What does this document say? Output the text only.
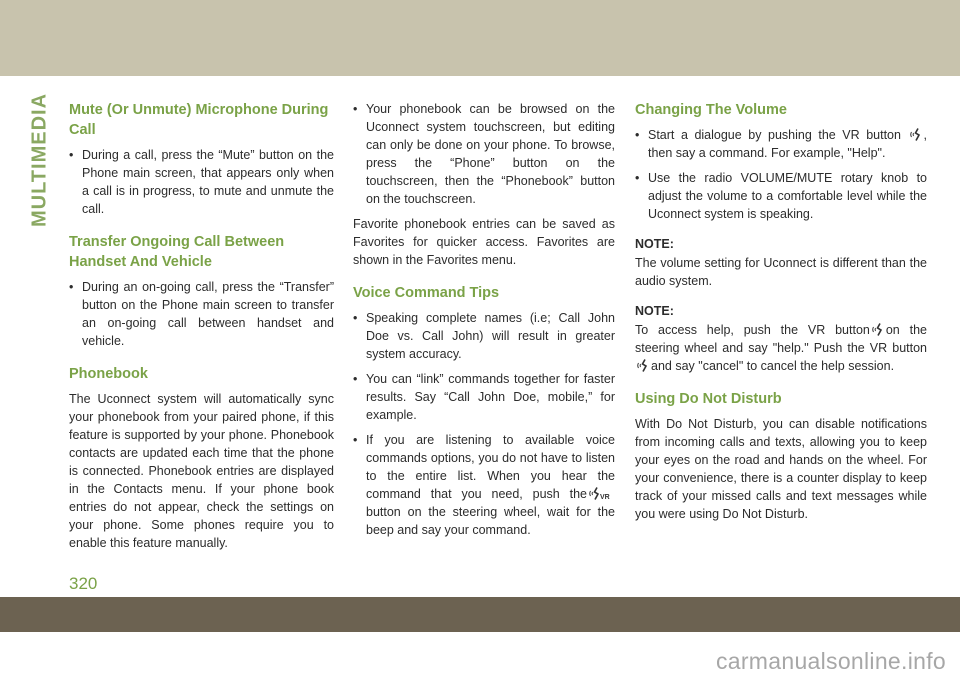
MULTIMEDIA Mute (Or Unmute) Microphone During Call
• During a call, press the “Mute” button on the Phone main screen, that appears only when a call is in progress, to mute and unmute the call.
Transfer Ongoing Call Between Handset And Vehicle
• During an on-going call, press the “Transfer” button on the Phone main screen to transfer an on-going call between handset and vehicle.
Phonebook

The Uconnect system will automatically sync your phonebook from your paired phone, if this feature is supported by your phone. Phonebook contacts are updated each time that the phone is connected. Phonebook entries are displayed in the Contacts menu. If your phone book entries do not appear, check the settings on your phone. Some phones require you to enable this feature manually.

• Your phonebook can be browsed on the Uconnect system touchscreen, but editing can only be done on your phone. To browse, press the “Phone” button on the touchscreen, then the “Phonebook” button on the touchscreen.

Favorite phonebook entries can be saved as Favorites for quicker access. Favorites are shown in the Favorites menu.

Voice Command Tips
• Speaking complete names (i.e; Call John Doe vs. Call John) will result in greater system accuracy.
• You can “link” commands together for faster results. Say “Call John Doe, mobile,” for example.
• If you are listening to available voice commands options, you do not have to listen to the entire list. When you hear the command that you need, push the VR
button on the steering wheel, wait for the beep and say your command.
Changing The Volume
• Start a dialogue by pushing the VR button , then say a command. For example, "Help".
• Use the radio VOLUME/MUTE rotary knob to adjust the volume to a comfortable level while the Uconnect system is speaking.
NOTE:

The volume setting for Uconnect is different than the audio system.

NOTE:

To access help, push the VR button on the steering wheel and say "help." Push the VR buttonand say "cancel" to cancel the help session.

Using Do Not Disturb

With Do Not Disturb, you can disable notifications from incoming calls and texts, allowing you to keep your eyes on the road and hands on the wheel. For your convenience, there is a counter display to keep track of your missed calls and text messages while you were using Do Not Disturb.

320
carmanualsonline.info
